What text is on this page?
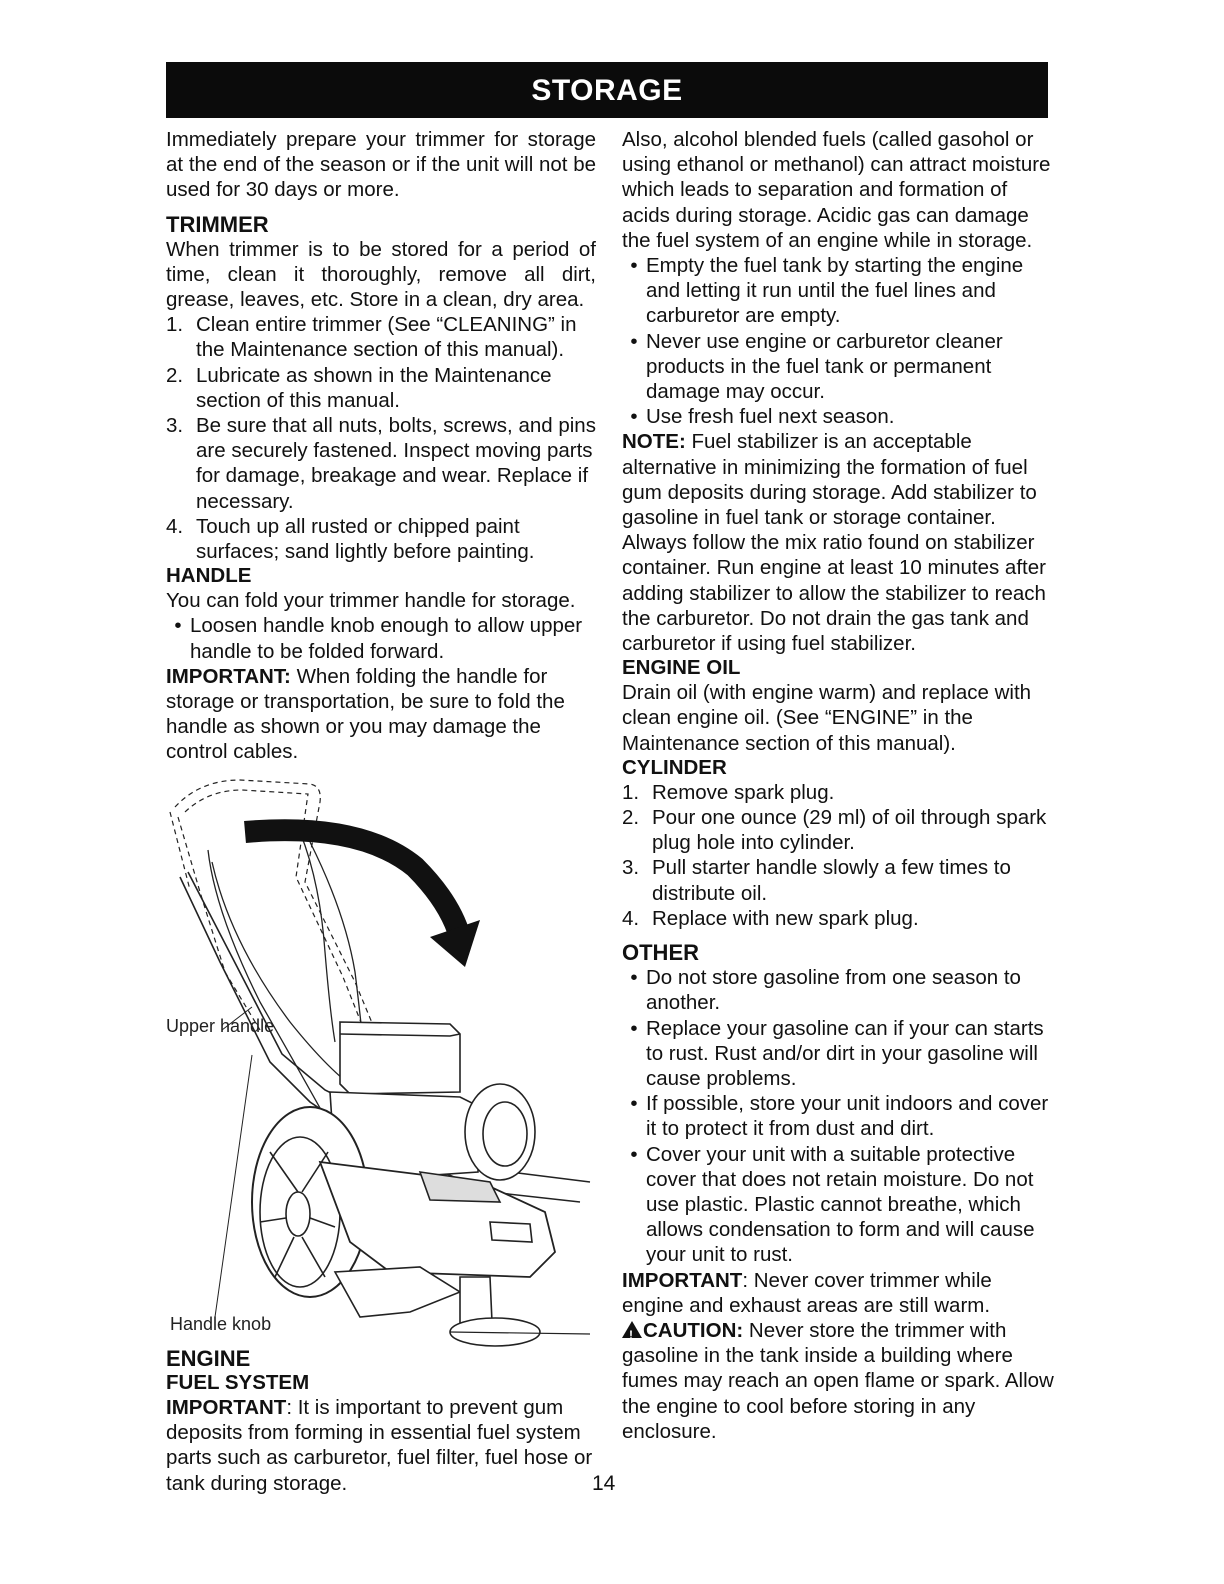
STORAGE

Immediately prepare your trimmer for storage at the end of the season or if the unit will not be used for 30 days or more.

TRIMMER

When trimmer is to be stored for a period of time, clean it thoroughly, remove all dirt, grease, leaves, etc. Store in a clean, dry area.

1. Clean entire trimmer (See “CLEANING” in the Maintenance section of this manual).
2. Lubricate as shown in the Maintenance section of this manual.
3. Be sure that all nuts, bolts, screws, and pins are securely fastened. Inspect moving parts for damage, breakage and wear. Replace if necessary.
4. Touch up all rusted or chipped paint surfaces; sand lightly before painting.
HANDLE

You can fold your trimmer handle for storage.

• Loosen handle knob enough to allow upper handle to be folded forward.

IMPORTANT: When folding the handle for storage or transportation, be sure to fold the handle as shown or you may damage the control cables.

Upper handle
Handle knob
ENGINE
FUEL SYSTEM

IMPORTANT: It is important to prevent gum deposits from forming in essential fuel system parts such as carburetor, fuel filter, fuel hose or tank during storage.

Also, alcohol blended fuels (called gasohol or using ethanol or methanol) can attract moisture which leads to separation and formation of acids during storage. Acidic gas can damage the fuel system of an engine while in storage.

• Empty the fuel tank by starting the engine and letting it run until the fuel lines and carburetor are empty.
• Never use engine or carburetor cleaner products in the fuel tank or permanent damage may occur.
• Use fresh fuel next season.

NOTE: Fuel stabilizer is an acceptable alternative in minimizing the formation of fuel gum deposits during storage. Add stabilizer to gasoline in fuel tank or storage container. Always follow the mix ratio found on stabilizer container. Run engine at least 10 minutes after adding stabilizer to allow the stabilizer to reach the carburetor. Do not drain the gas tank and carburetor if using fuel stabilizer.

ENGINE OIL

Drain oil (with engine warm) and replace with clean engine oil. (See “ENGINE” in the Maintenance section of this manual).

CYLINDER
1. Remove spark plug.
2. Pour one ounce (29 ml) of oil through spark plug hole into cylinder.
3. Pull starter handle slowly a few times to distribute oil.
4. Replace with new spark plug.
OTHER
• Do not store gasoline from one season to another.
• Replace your gasoline can if your can starts to rust. Rust and/or dirt in your gasoline will cause problems.
• If possible, store your unit indoors and cover it to protect it from dust and dirt.
• Cover your unit with a suitable protective cover that does not retain moisture. Do not use plastic. Plastic cannot breathe, which allows condensation to form and will cause your unit to rust.

IMPORTANT: Never cover trimmer while engine and exhaust areas are still warm.

!CAUTION: Never store the trimmer with gasoline in the tank inside a building where fumes may reach an open flame or spark. Allow the engine to cool before storing in any enclosure.

14
